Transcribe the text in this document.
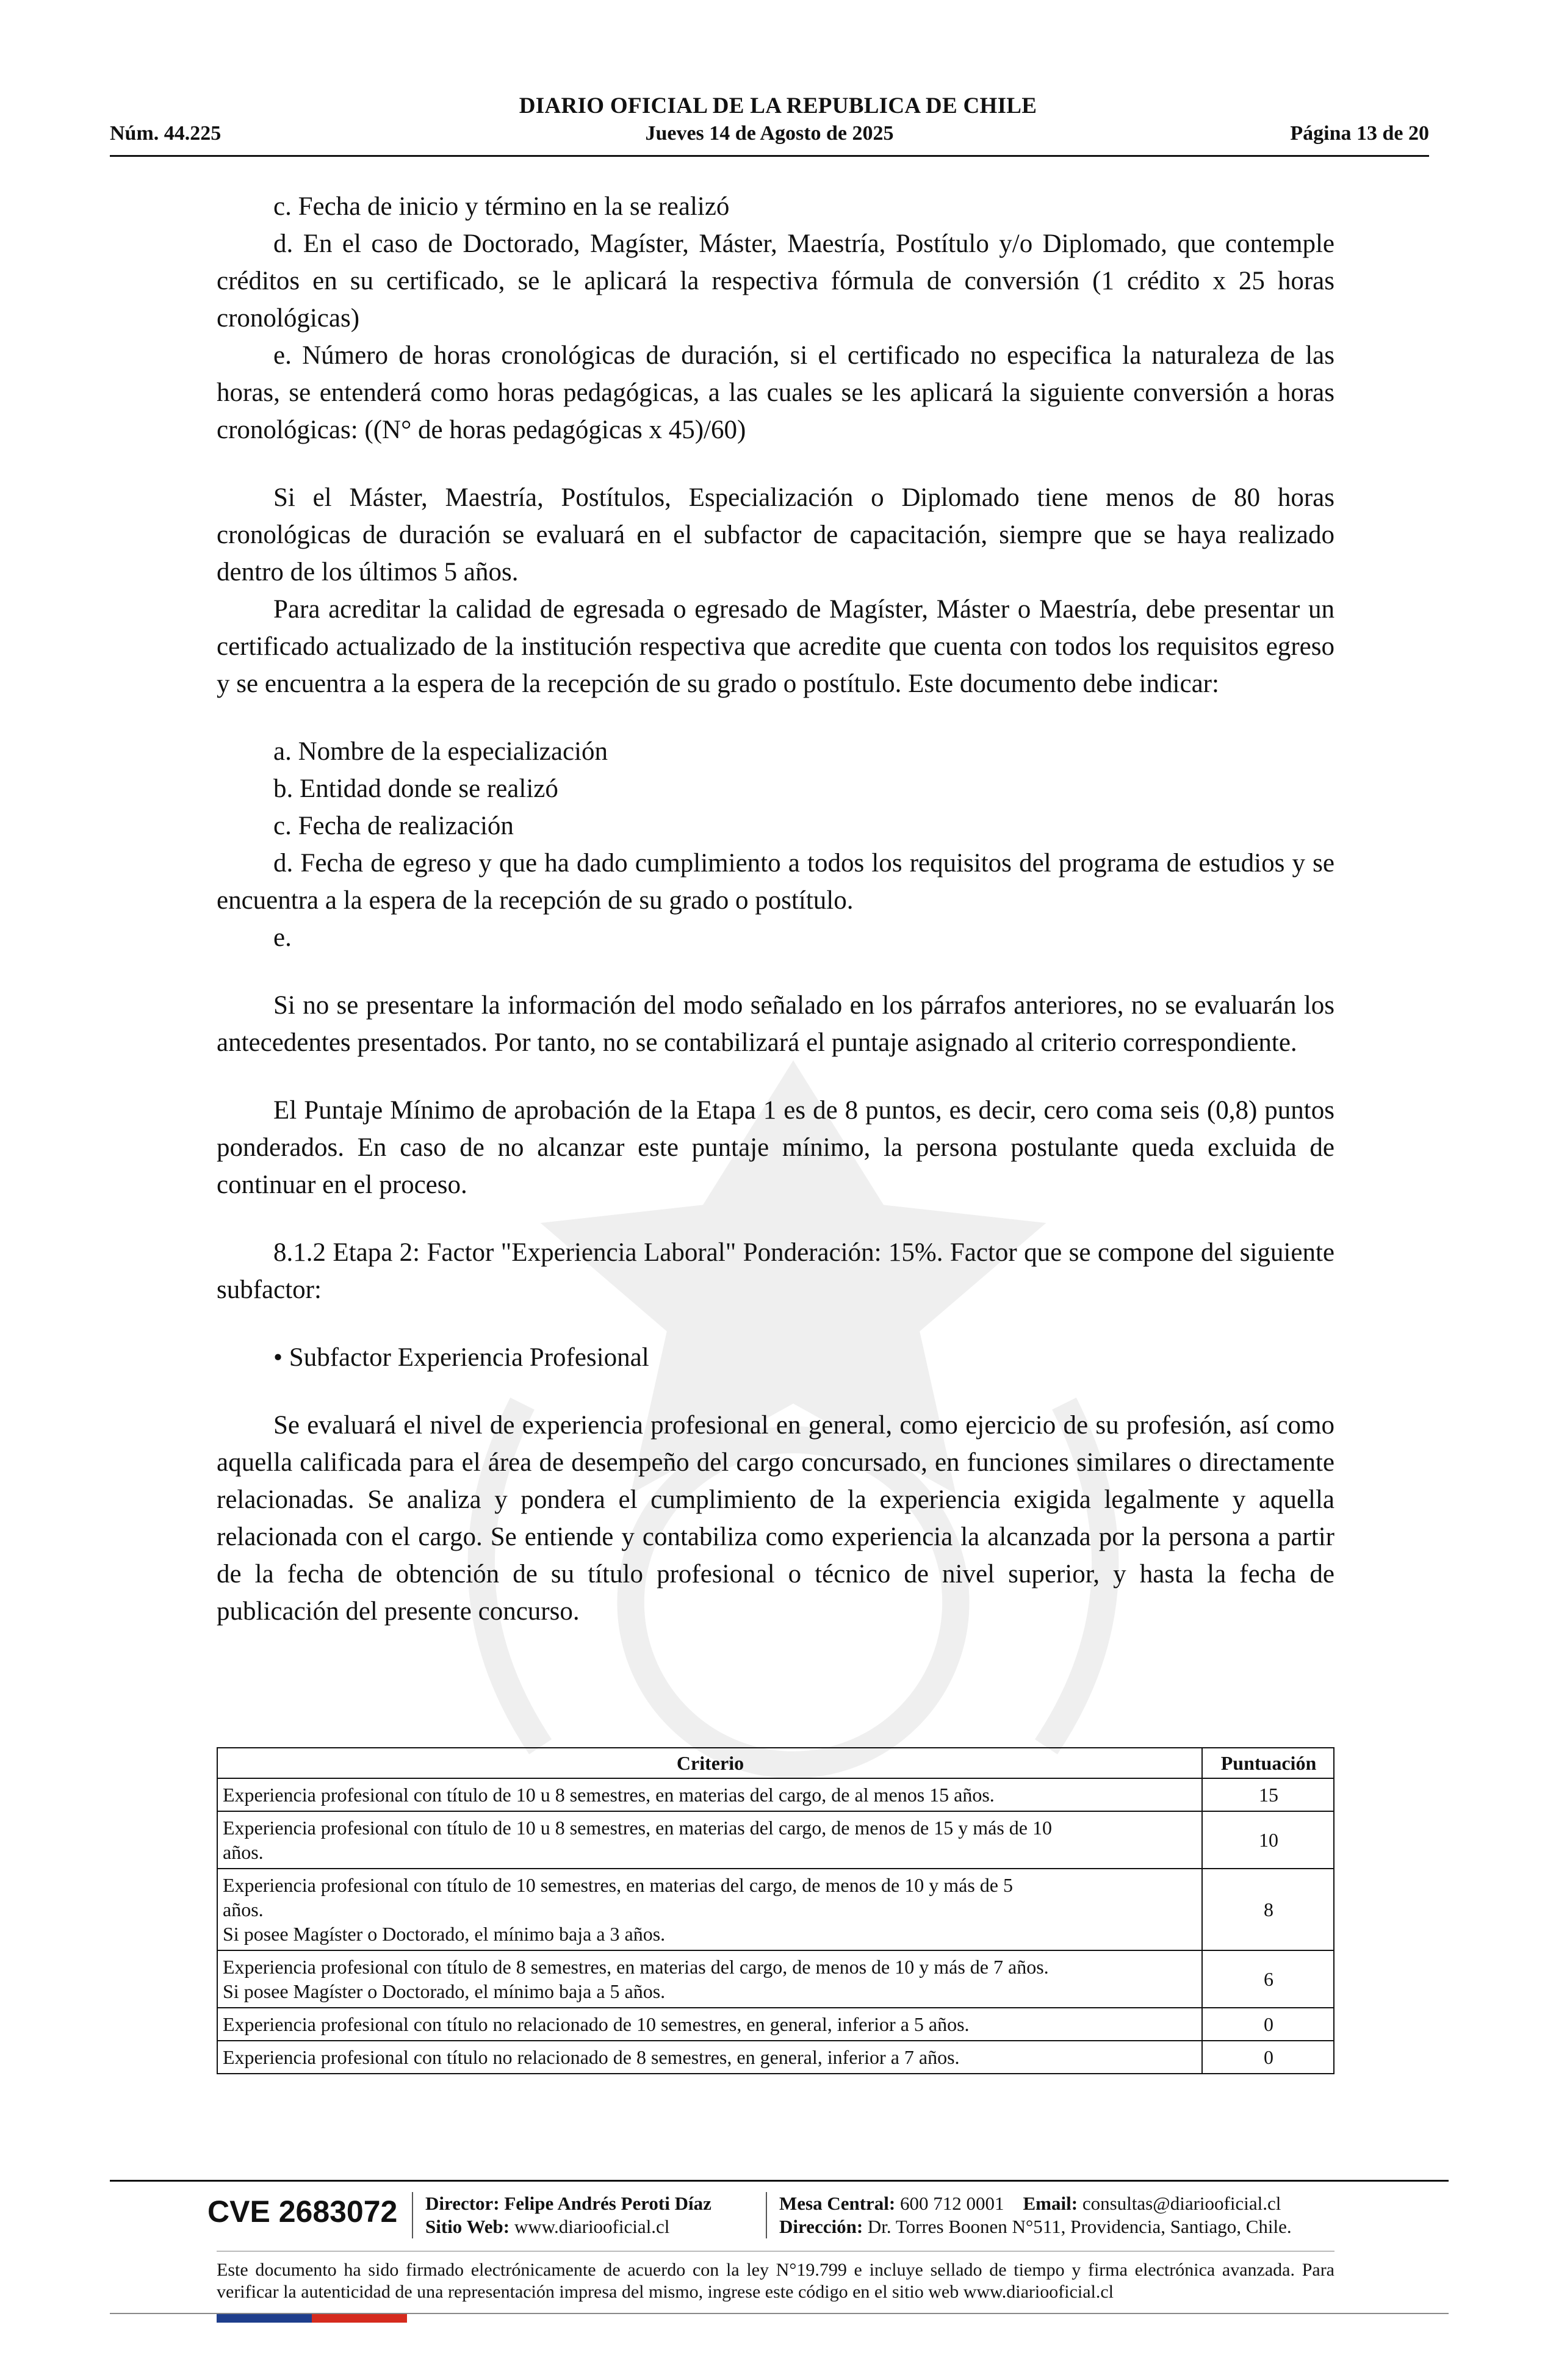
DIARIO OFICIAL DE LA REPUBLICA DE CHILE
Núm. 44.225	Jueves 14 de Agosto de 2025	Página 13 de 20

c. Fecha de inicio y término en la se realizó

d. En el caso de Doctorado, Magíster, Máster, Maestría, Postítulo y/o Diplomado, que contemple créditos en su certificado, se le aplicará la respectiva fórmula de conversión (1 crédito x 25 horas cronológicas)

e. Número de horas cronológicas de duración, si el certificado no especifica la naturaleza de las horas, se entenderá como horas pedagógicas, a las cuales se les aplicará la siguiente conversión a horas cronológicas: ((N° de horas pedagógicas x 45)/60)

Si el Máster, Maestría, Postítulos, Especialización o Diplomado tiene menos de 80 horas cronológicas de duración se evaluará en el subfactor de capacitación, siempre que se haya realizado dentro de los últimos 5 años.

Para acreditar la calidad de egresada o egresado de Magíster, Máster o Maestría, debe presentar un certificado actualizado de la institución respectiva que acredite que cuenta con todos los requisitos egreso y se encuentra a la espera de la recepción de su grado o postítulo. Este documento debe indicar:

a. Nombre de la especialización

b. Entidad donde se realizó

c. Fecha de realización

d. Fecha de egreso y que ha dado cumplimiento a todos los requisitos del programa de estudios y se encuentra a la espera de la recepción de su grado o postítulo.

e.

Si no se presentare la información del modo señalado en los párrafos anteriores, no se evaluarán los antecedentes presentados. Por tanto, no se contabilizará el puntaje asignado al criterio correspondiente.

El Puntaje Mínimo de aprobación de la Etapa 1 es de 8 puntos, es decir, cero coma seis (0,8) puntos ponderados. En caso de no alcanzar este puntaje mínimo, la persona postulante queda excluida de continuar en el proceso.

8.1.2 Etapa 2: Factor "Experiencia Laboral" Ponderación: 15%. Factor que se compone del siguiente subfactor:

• Subfactor Experiencia Profesional

Se evaluará el nivel de experiencia profesional en general, como ejercicio de su profesión, así como aquella calificada para el área de desempeño del cargo concursado, en funciones similares o directamente relacionadas. Se analiza y pondera el cumplimiento de la experiencia exigida legalmente y aquella relacionada con el cargo. Se entiende y contabiliza como experiencia la alcanzada por la persona a partir de la fecha de obtención de su título profesional o técnico de nivel superior, y hasta la fecha de publicación del presente concurso.

Criterio	Puntuación

Experiencia profesional con título de 10 u 8 semestres, en materias del cargo, de al menos 15 años.	15

Experiencia profesional con título de 10 u 8 semestres, en materias del cargo, de menos de 15 y más de 10
años.	10

Experiencia profesional con título de 10 semestres, en materias del cargo, de menos de 10 y más de 5
años.
Si posee Magíster o Doctorado, el mínimo baja a 3 años.	8

Experiencia profesional con título de 8 semestres, en materias del cargo, de menos de 10 y más de 7 años.
Si posee Magíster o Doctorado, el mínimo baja a 5 años.	6

Experiencia profesional con título no relacionado de 10 semestres, en general, inferior a 5 años.	0

Experiencia profesional con título no relacionado de 8 semestres, en general, inferior a 7 años.	0
CVE 2683072 Director: Felipe Andrés Peroti Díaz
Sitio Web: www.diariooficial.cl
Mesa Central: 600 712 0001 Email: consultas@diariooficial.cl
Dirección: Dr. Torres Boonen N°511, Providencia, Santiago, Chile.
Este documento ha sido firmado electrónicamente de acuerdo con la ley N°19.799 e incluye sellado de tiempo y firma electrónica avanzada. Para verificar la autenticidad de una representación impresa del mismo, ingrese este código en el sitio web www.diariooficial.cl
